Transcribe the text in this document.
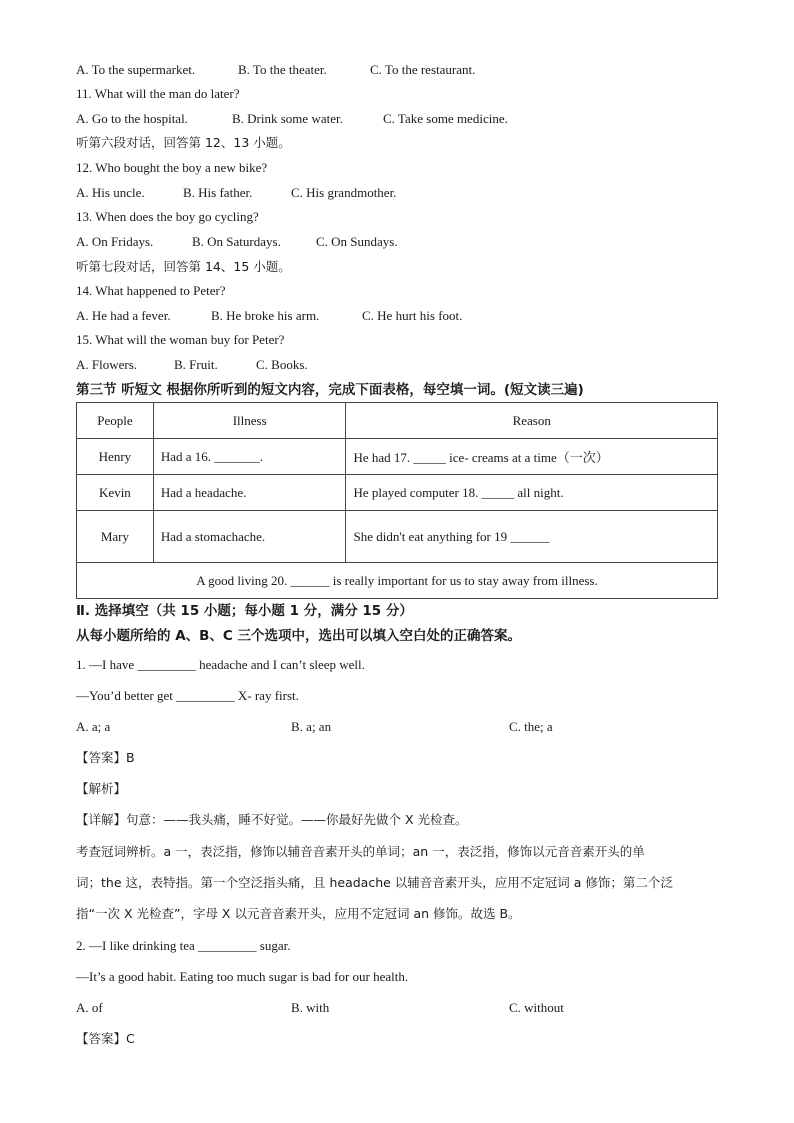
A. To the supermarket.	B. To the theater.	C. To the restaurant.
11. What will the man do later?
A. Go to the hospital.	B. Drink some water.	C. Take some medicine.
听第六段对话，回答第 12、13 小题。
12. Who bought the boy a new bike?
A. His uncle.	B. His father.	C. His grandmother.
13. When does the boy go cycling?
A. On Fridays.	B. On Saturdays.	C. On Sundays.
听第七段对话，回答第 14、15 小题。
14. What happened to Peter?
A. He had a fever.	B. He broke his arm.	C. He hurt his foot.
15. What will the woman buy for Peter?
A. Flowers.	B. Fruit.	C. Books.
第三节 听短文 根据你所听到的短文内容，完成下面表格，每空填一词。(短文读三遍)
People	Illness	Reason
Henry	Had a 16. _______.	He had 17. _____ ice- creams at a time（一次）
Kevin	Had a headache.	He played computer 18. _____ all night.
Mary	Had a stomachache.	She didn't eat anything for 19 ______
A good living 20. ______ is really important for us to stay away from illness.		
Ⅱ. 选择填空（共 15 小题；每小题 1 分，满分 15 分）
从每小题所给的 A、B、C 三个选项中，选出可以填入空白处的正确答案。
1. —I have _________ headache and I can’t sleep well.
—You’d better get _________ X- ray first.
A. a; a	B. a; an	C. the; a
【答案】B
【解析】
【详解】句意：——我头痛，睡不好觉。——你最好先做个 X 光检查。
考查冠词辨析。a 一，表泛指，修饰以辅音音素开头的单词；an 一，表泛指，修饰以元音音素开头的单
词；the 这，表特指。第一个空泛指头痛，且 headache 以辅音音素开头，应用不定冠词 a 修饰；第二个泛
指“一次 X 光检查”，字母 X 以元音音素开头，应用不定冠词 an 修饰。故选 B。
2. —I like drinking tea _________ sugar.
—It’s a good habit. Eating too much sugar is bad for our health.
A. of	B. with	C. without
【答案】C
